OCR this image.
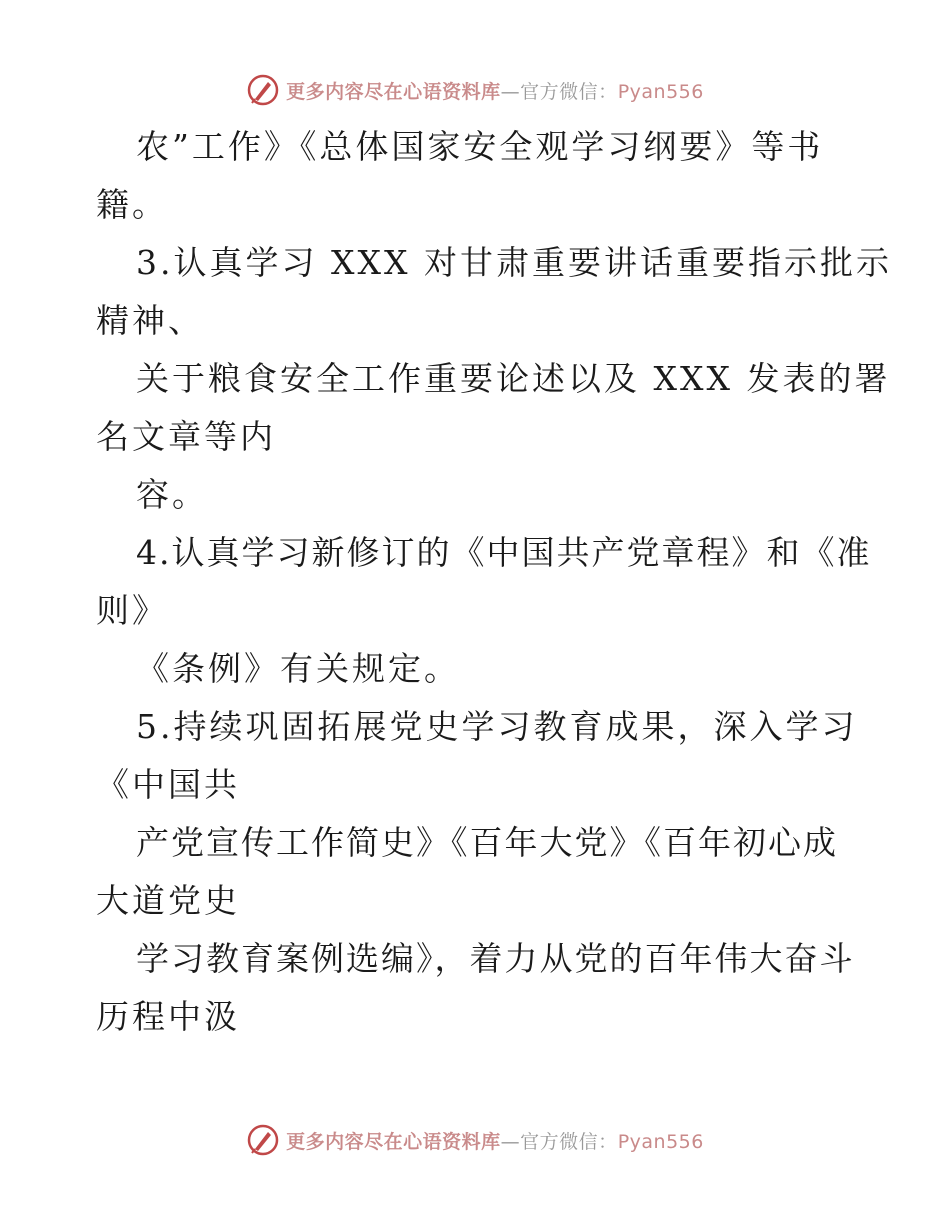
更多内容尽在心语资料库—官方微信：Pyan556
农”工作》《总体国家安全观学习纲要》等书
籍。
3.认真学习 XXX 对甘肃重要讲话重要指示批示
精神、
关于粮食安全工作重要论述以及 XXX 发表的署
名文章等内
容。
4.认真学习新修订的《中国共产党章程》和《准
则》
《条例》有关规定。
5.持续巩固拓展党史学习教育成果，深入学习
《中国共
产党宣传工作简史》《百年大党》《百年初心成
大道党史
学习教育案例选编》，着力从党的百年伟大奋斗
历程中汲
更多内容尽在心语资料库—官方微信：Pyan556
